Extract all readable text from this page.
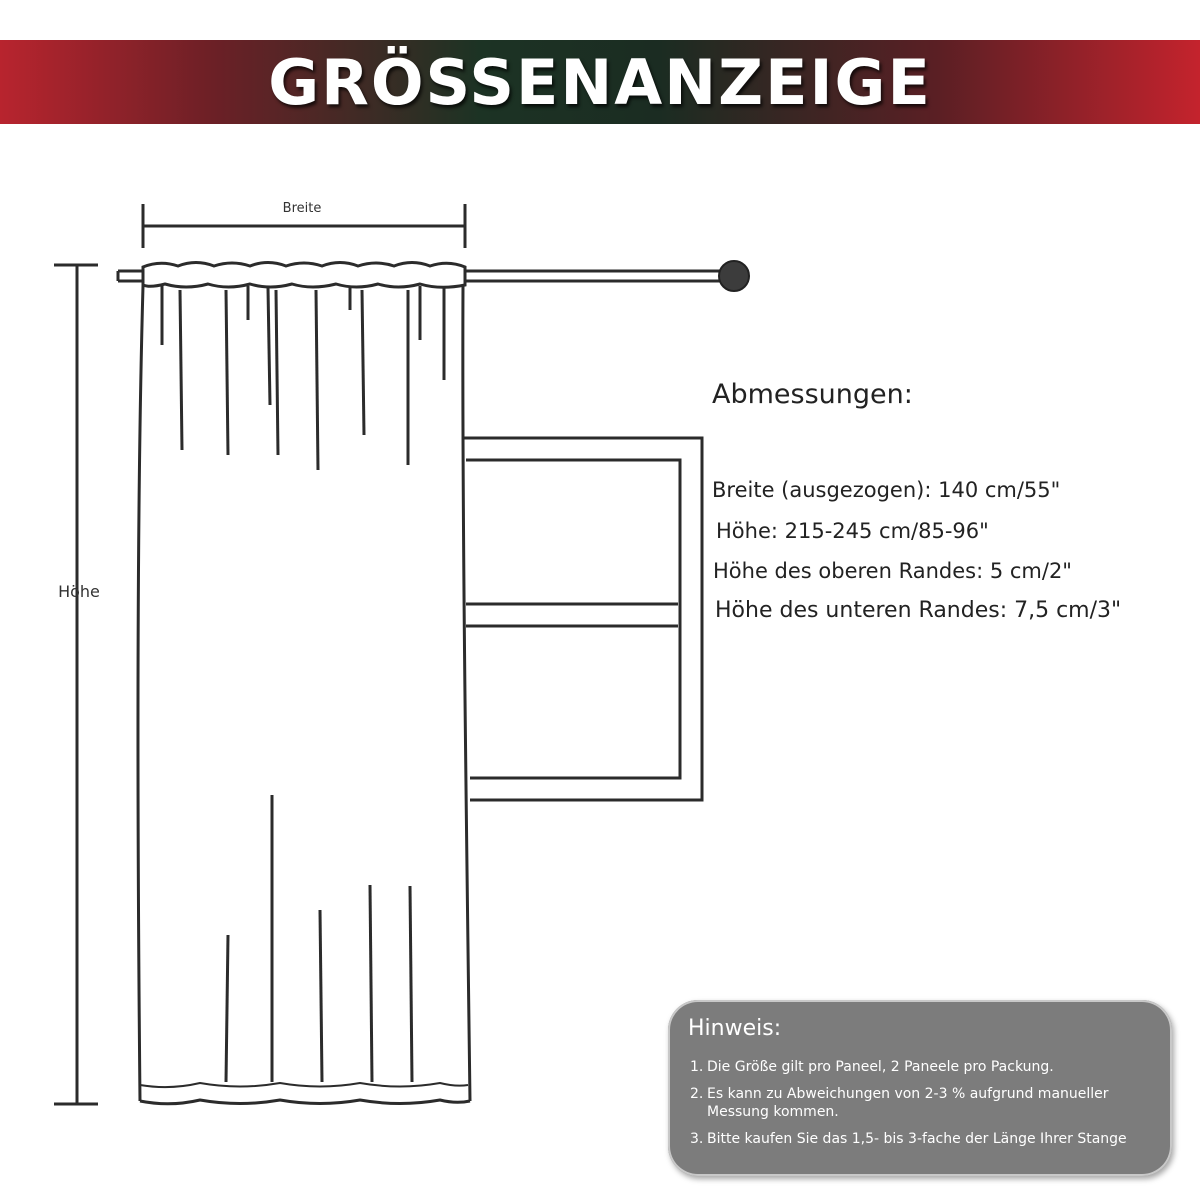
GRÖSSENANZEIGE
Breite
Höhe
Abmessungen:
Breite (ausgezogen): 140 cm/55"
Höhe: 215-245 cm/85-96"
Höhe des oberen Randes: 5 cm/2"
Höhe des unteren Randes: 7,5 cm/3"
Hinweis:
1. Die Größe gilt pro Paneel, 2 Paneele pro Packung.
2. Es kann zu Abweichungen von 2-3 % aufgrund manueller Messung kommen.
3. Bitte kaufen Sie das 1,5- bis 3-fache der Länge Ihrer Stange
